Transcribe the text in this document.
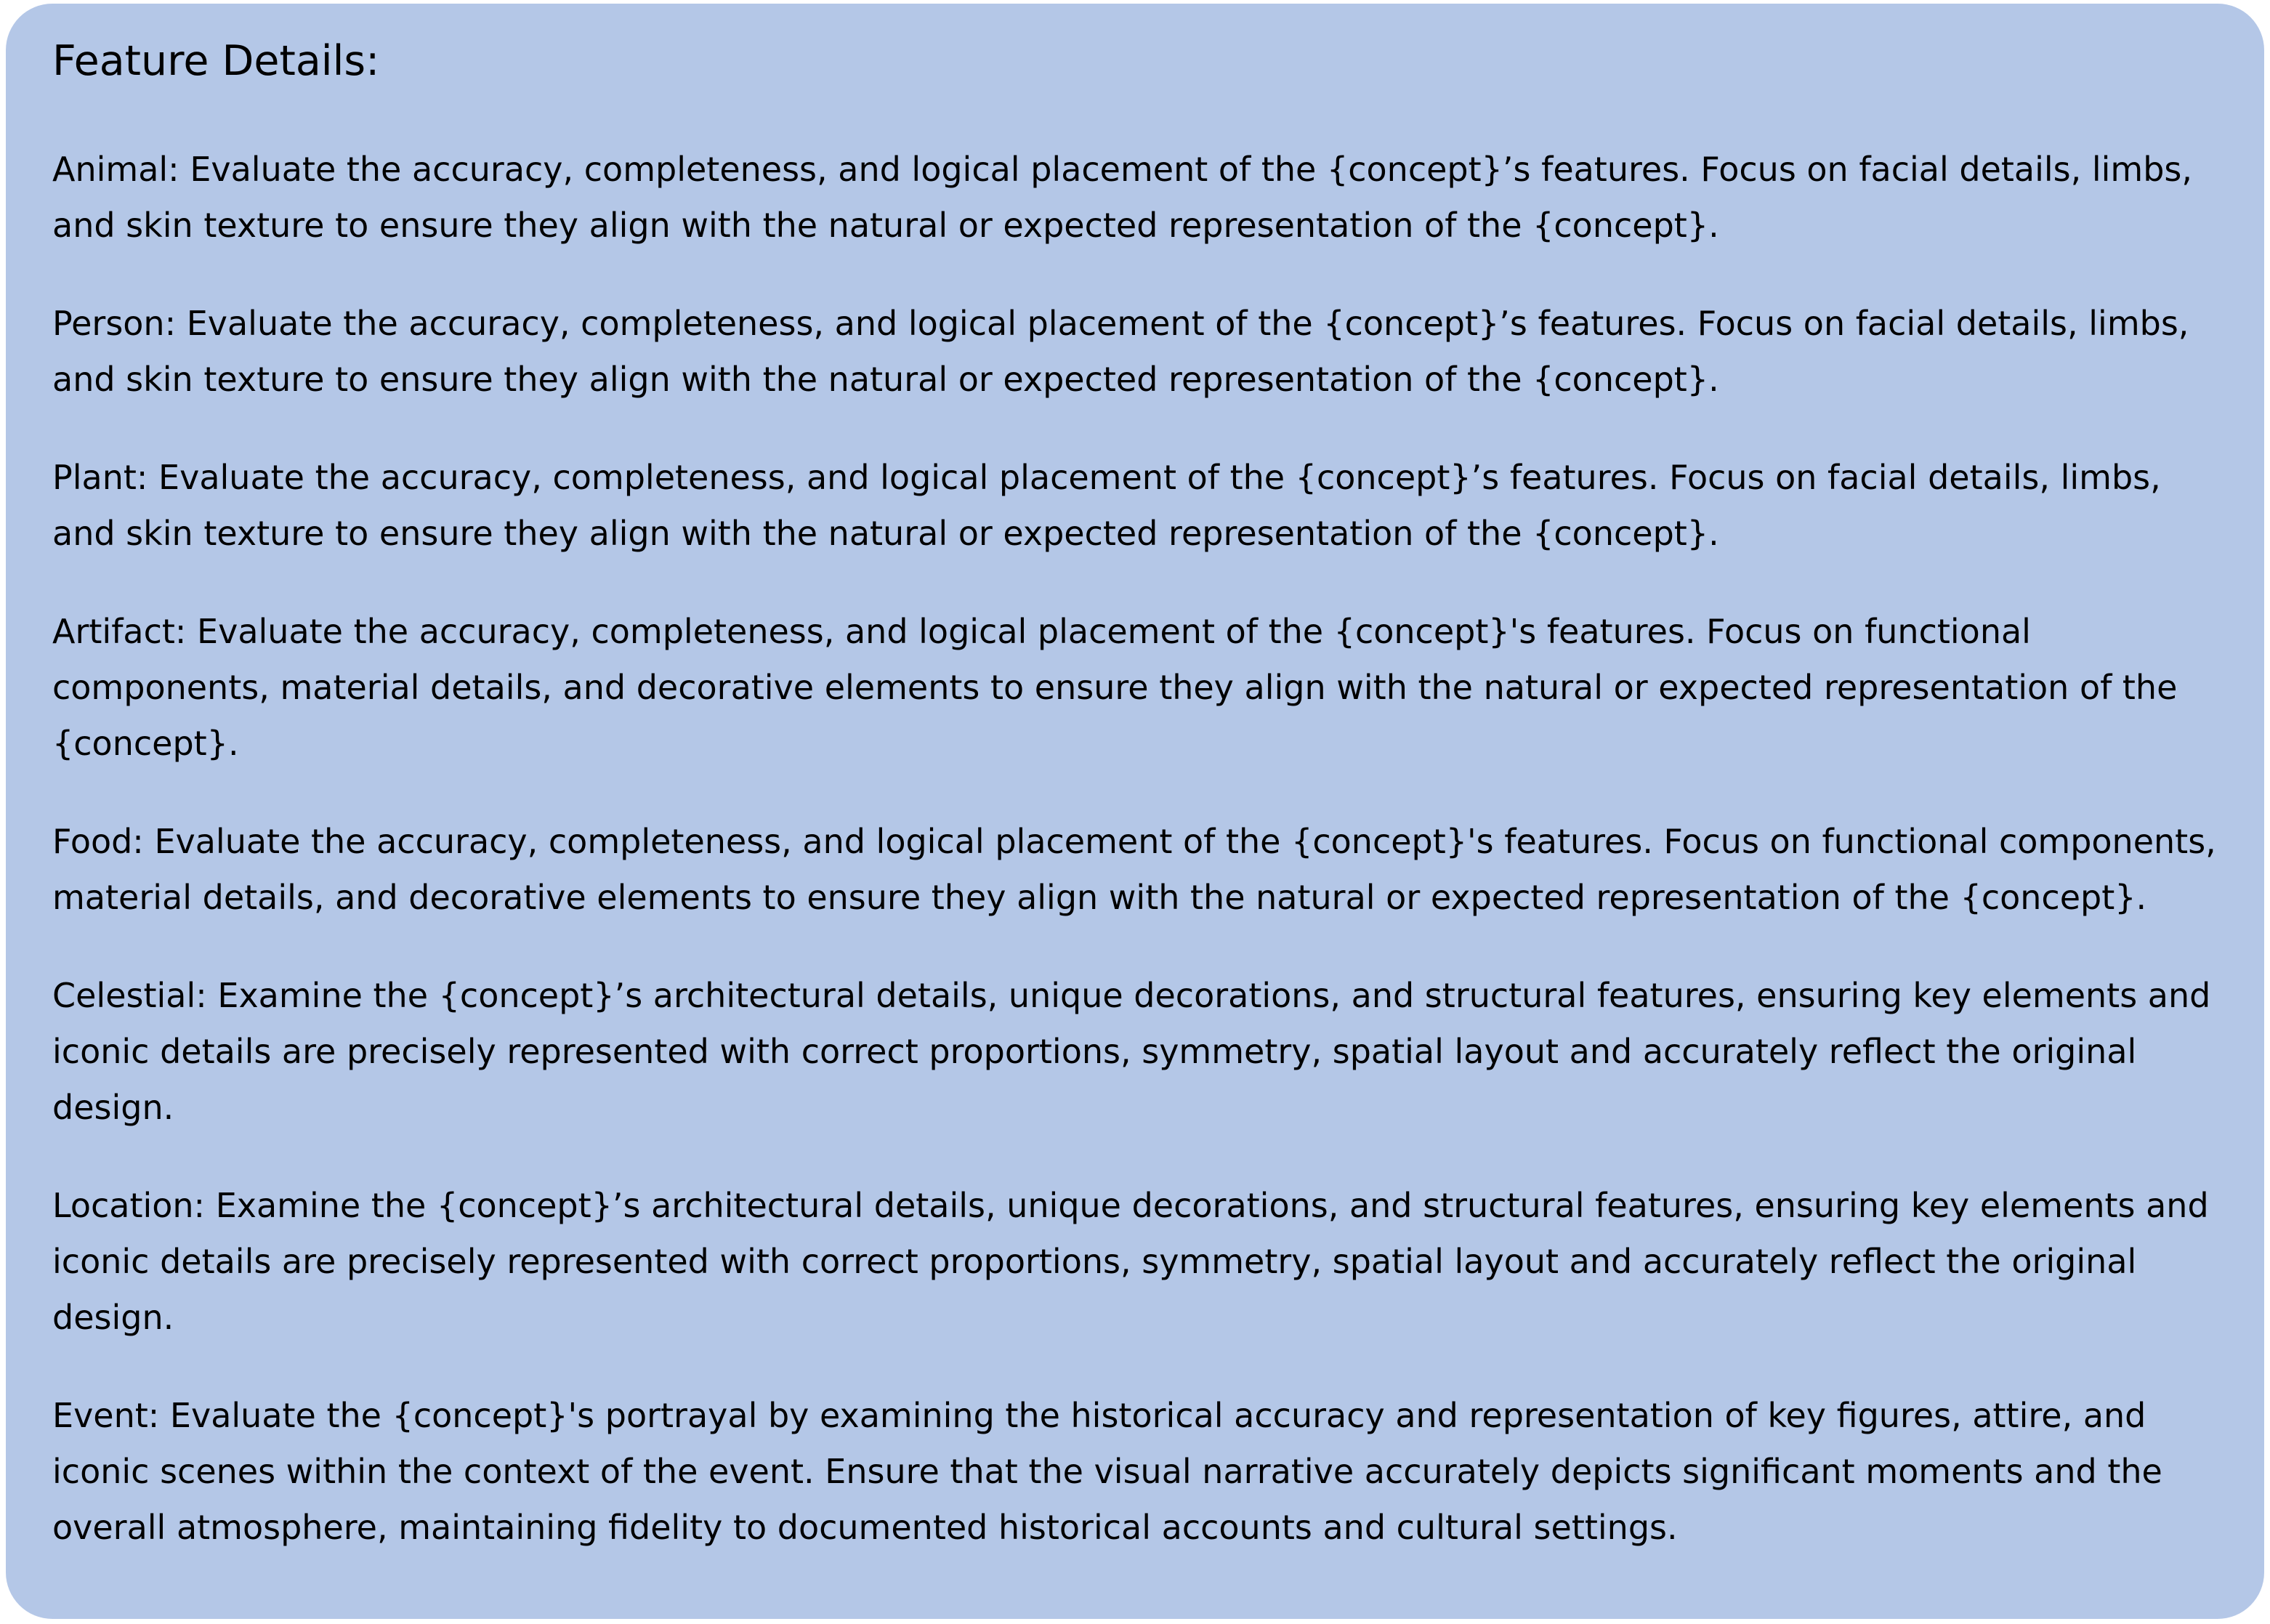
Feature Details:

Animal: Evaluate the accuracy, completeness, and logical placement of the {concept}’s features. Focus on facial details, limbs, and skin texture to ensure they align with the natural or expected representation of the {concept}.

Person: Evaluate the accuracy, completeness, and logical placement of the {concept}’s features. Focus on facial details, limbs, and skin texture to ensure they align with the natural or expected representation of the {concept}.

Plant: Evaluate the accuracy, completeness, and logical placement of the {concept}’s features. Focus on facial details, limbs, and skin texture to ensure they align with the natural or expected representation of the {concept}.

Artifact: Evaluate the accuracy, completeness, and logical placement of the {concept}'s features. Focus on functional components, material details, and decorative elements to ensure they align with the natural or expected representation of the {concept}.

Food: Evaluate the accuracy, completeness, and logical placement of the {concept}'s features. Focus on functional components, material details, and decorative elements to ensure they align with the natural or expected representation of the {concept}.

Celestial: Examine the {concept}’s architectural details, unique decorations, and structural features, ensuring key elements and iconic details are precisely represented with correct proportions, symmetry, spatial layout and accurately reflect the original design.

Location: Examine the {concept}’s architectural details, unique decorations, and structural features, ensuring key elements and iconic details are precisely represented with correct proportions, symmetry, spatial layout and accurately reflect the original design.

Event: Evaluate the {concept}'s portrayal by examining the historical accuracy and representation of key figures, attire, and iconic scenes within the context of the event. Ensure that the visual narrative accurately depicts significant moments and the overall atmosphere, maintaining fidelity to documented historical accounts and cultural settings.
